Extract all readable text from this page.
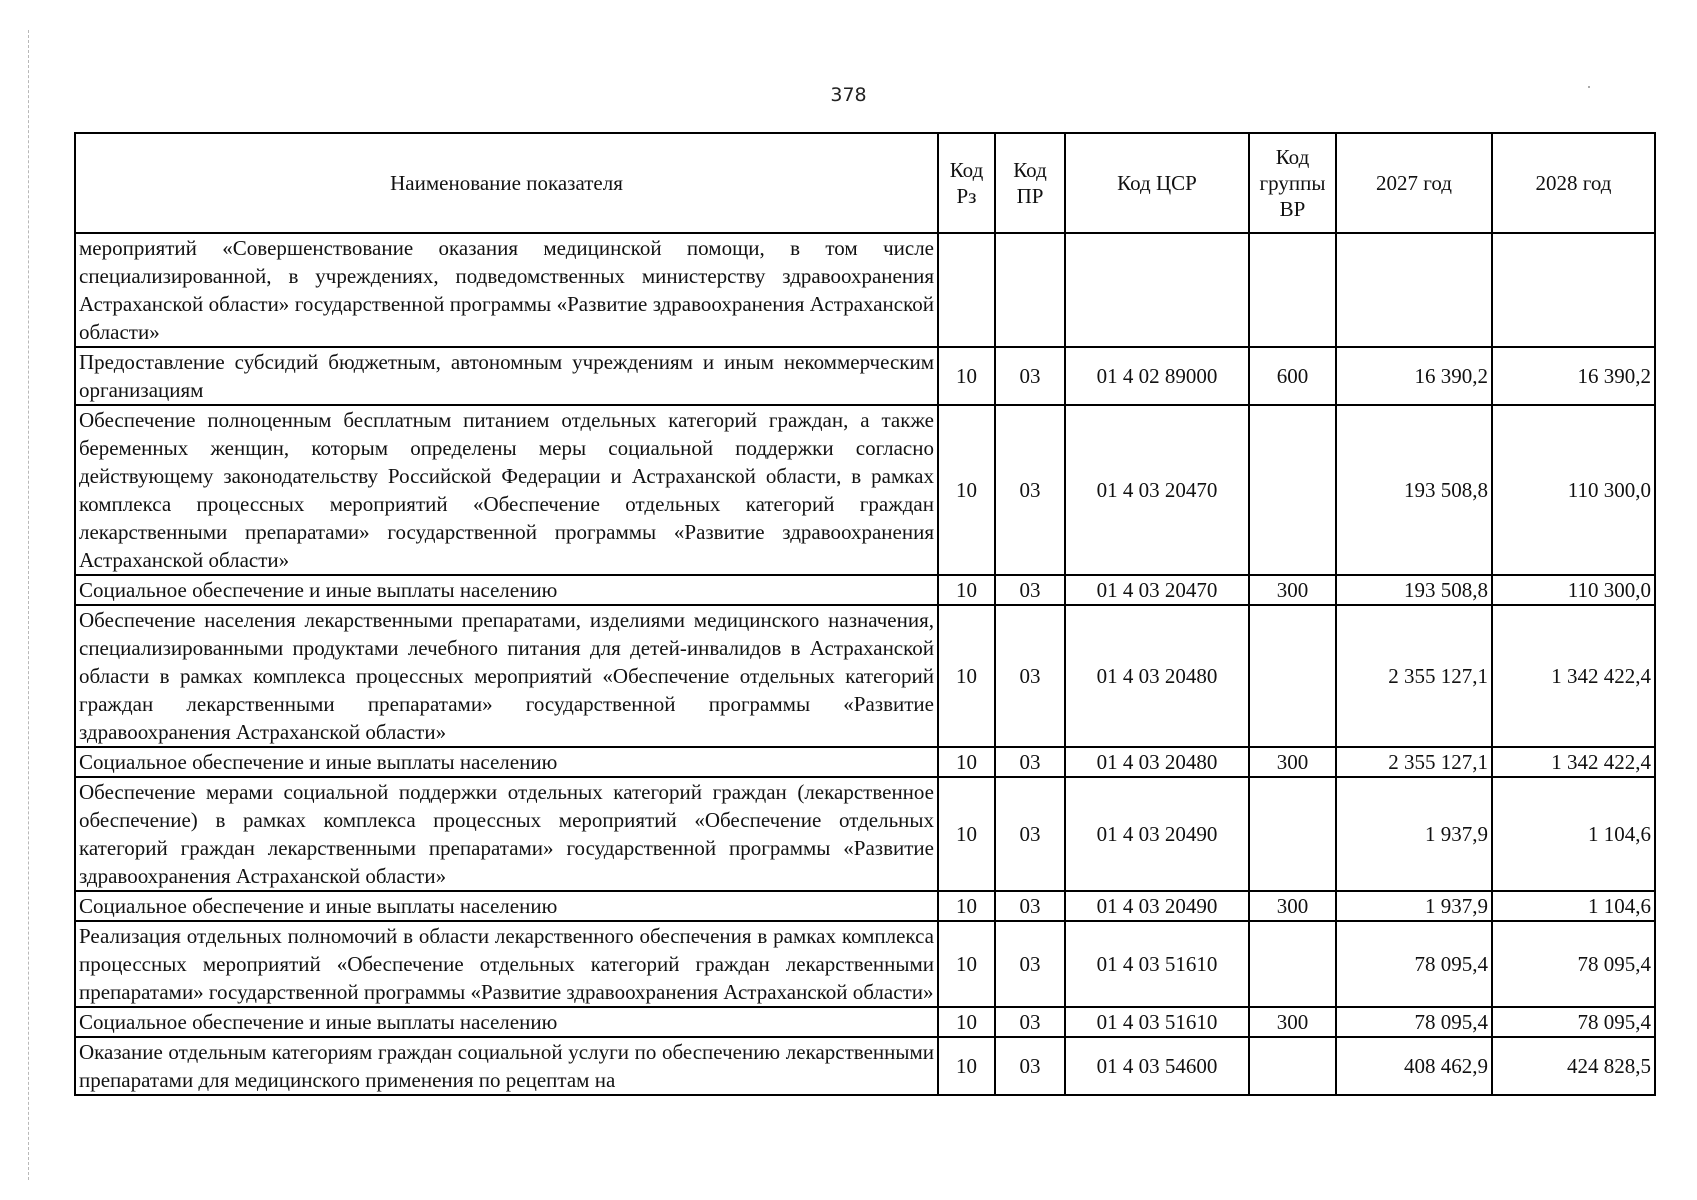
378
Наименование показателя	Код Рз	Код ПР	Код ЦСР	Код группы ВР	2027 год	2028 год
мероприятий «Совершенствование оказания медицинской помощи, в том числе специализированной, в учреждениях, подведомственных министерству здравоохранения Астраханской области» государственной программы «Развитие здравоохранения Астраханской области»						
Предоставление субсидий бюджетным, автономным учреждениям и иным некоммерческим организациям	10	03	01 4 02 89000	600	16 390,2	16 390,2
Обеспечение полноценным бесплатным питанием отдельных категорий граждан, а также беременных женщин, которым определены меры социальной поддержки согласно действующему законодательству Российской Федерации и Астраханской области, в рамках комплекса процессных мероприятий «Обеспечение отдельных категорий граждан лекарственными препаратами» государственной программы «Развитие здравоохранения Астраханской области»	10	03	01 4 03 20470		193 508,8	110 300,0
Социальное обеспечение и иные выплаты населению	10	03	01 4 03 20470	300	193 508,8	110 300,0
Обеспечение населения лекарственными препаратами, изделиями медицинского назначения, специализированными продуктами лечебного питания для детей-инвалидов в Астраханской области в рамках комплекса процессных мероприятий «Обеспечение отдельных категорий граждан лекарственными препаратами» государственной программы «Развитие здравоохранения Астраханской области»	10	03	01 4 03 20480		2 355 127,1	1 342 422,4
Социальное обеспечение и иные выплаты населению	10	03	01 4 03 20480	300	2 355 127,1	1 342 422,4
Обеспечение мерами социальной поддержки отдельных категорий граждан (лекарственное обеспечение) в рамках комплекса процессных мероприятий «Обеспечение отдельных категорий граждан лекарственными препаратами» государственной программы «Развитие здравоохранения Астраханской области»	10	03	01 4 03 20490		1 937,9	1 104,6
Социальное обеспечение и иные выплаты населению	10	03	01 4 03 20490	300	1 937,9	1 104,6
Реализация отдельных полномочий в области лекарственного обеспечения в рамках комплекса процессных мероприятий «Обеспечение отдельных категорий граждан лекарственными препаратами» государственной программы «Развитие здравоохранения Астраханской области»	10	03	01 4 03 51610		78 095,4	78 095,4
Социальное обеспечение и иные выплаты населению	10	03	01 4 03 51610	300	78 095,4	78 095,4
Оказание отдельным категориям граждан социальной услуги по обеспечению лекарственными препаратами для медицинского применения по рецептам на	10	03	01 4 03 54600		408 462,9	424 828,5
